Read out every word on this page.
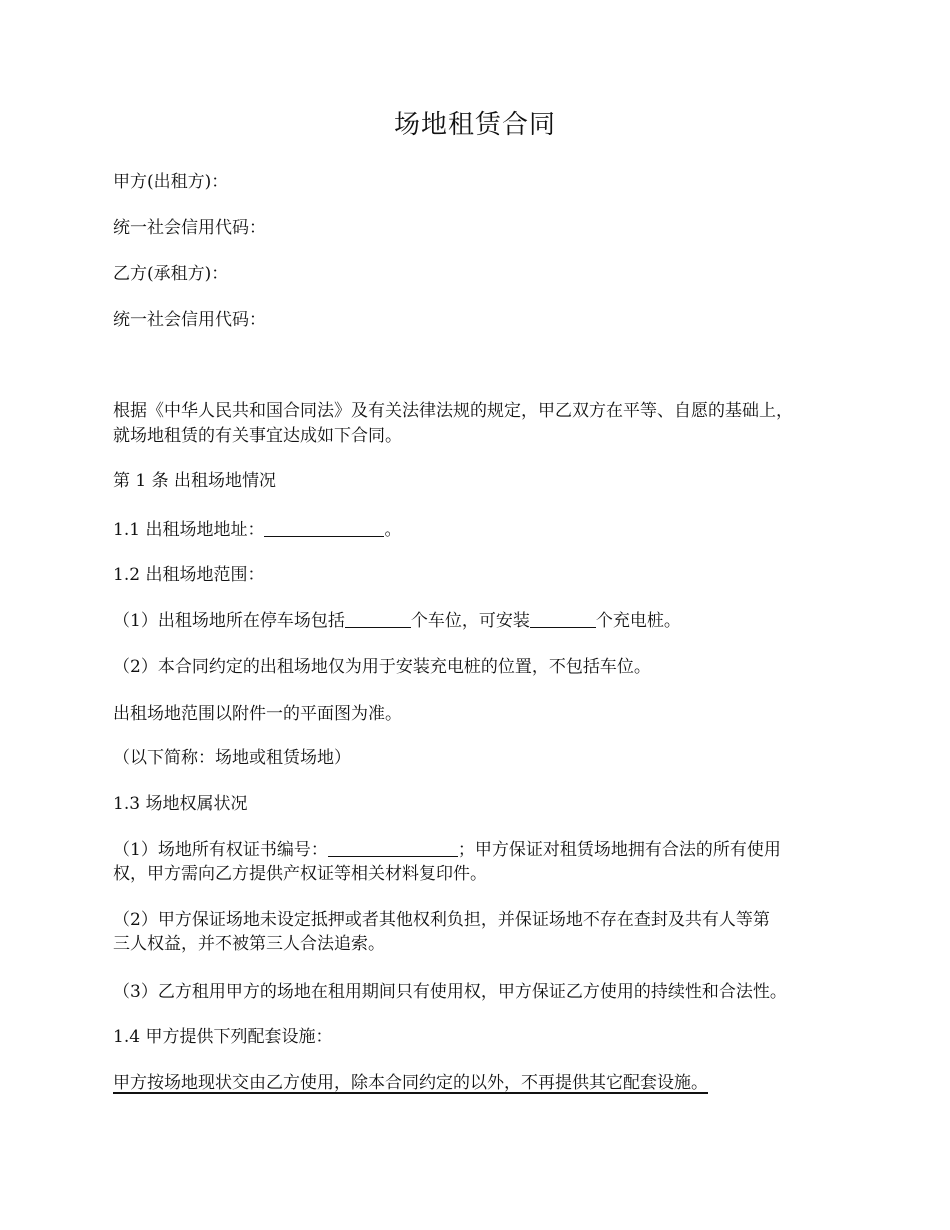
场地租赁合同
甲方(出租方)：
统一社会信用代码：
乙方(承租方)：
统一社会信用代码：
根据《中华人民共和国合同法》及有关法律法规的规定，甲乙双方在平等、自愿的基础上，
就场地租赁的有关事宜达成如下合同。
第 1 条 出租场地情况
1.1 出租场地地址：	。
1.2 出租场地范围：
（1）出租场地所在停车场包括	个车位，可安装	个充电桩。
（2）本合同约定的出租场地仅为用于安装充电桩的位置，不包括车位。
出租场地范围以附件一的平面图为准。
（以下简称：场地或租赁场地）
1.3 场地权属状况
（1）场地所有权证书编号：	；甲方保证对租赁场地拥有合法的所有使用
权，甲方需向乙方提供产权证等相关材料复印件。
（2）甲方保证场地未设定抵押或者其他权利负担，并保证场地不存在查封及共有人等第
三人权益，并不被第三人合法追索。
（3）乙方租用甲方的场地在租用期间只有使用权，甲方保证乙方使用的持续性和合法性。
1.4 甲方提供下列配套设施：
甲方按场地现状交由乙方使用，除本合同约定的以外，不再提供其它配套设施。
